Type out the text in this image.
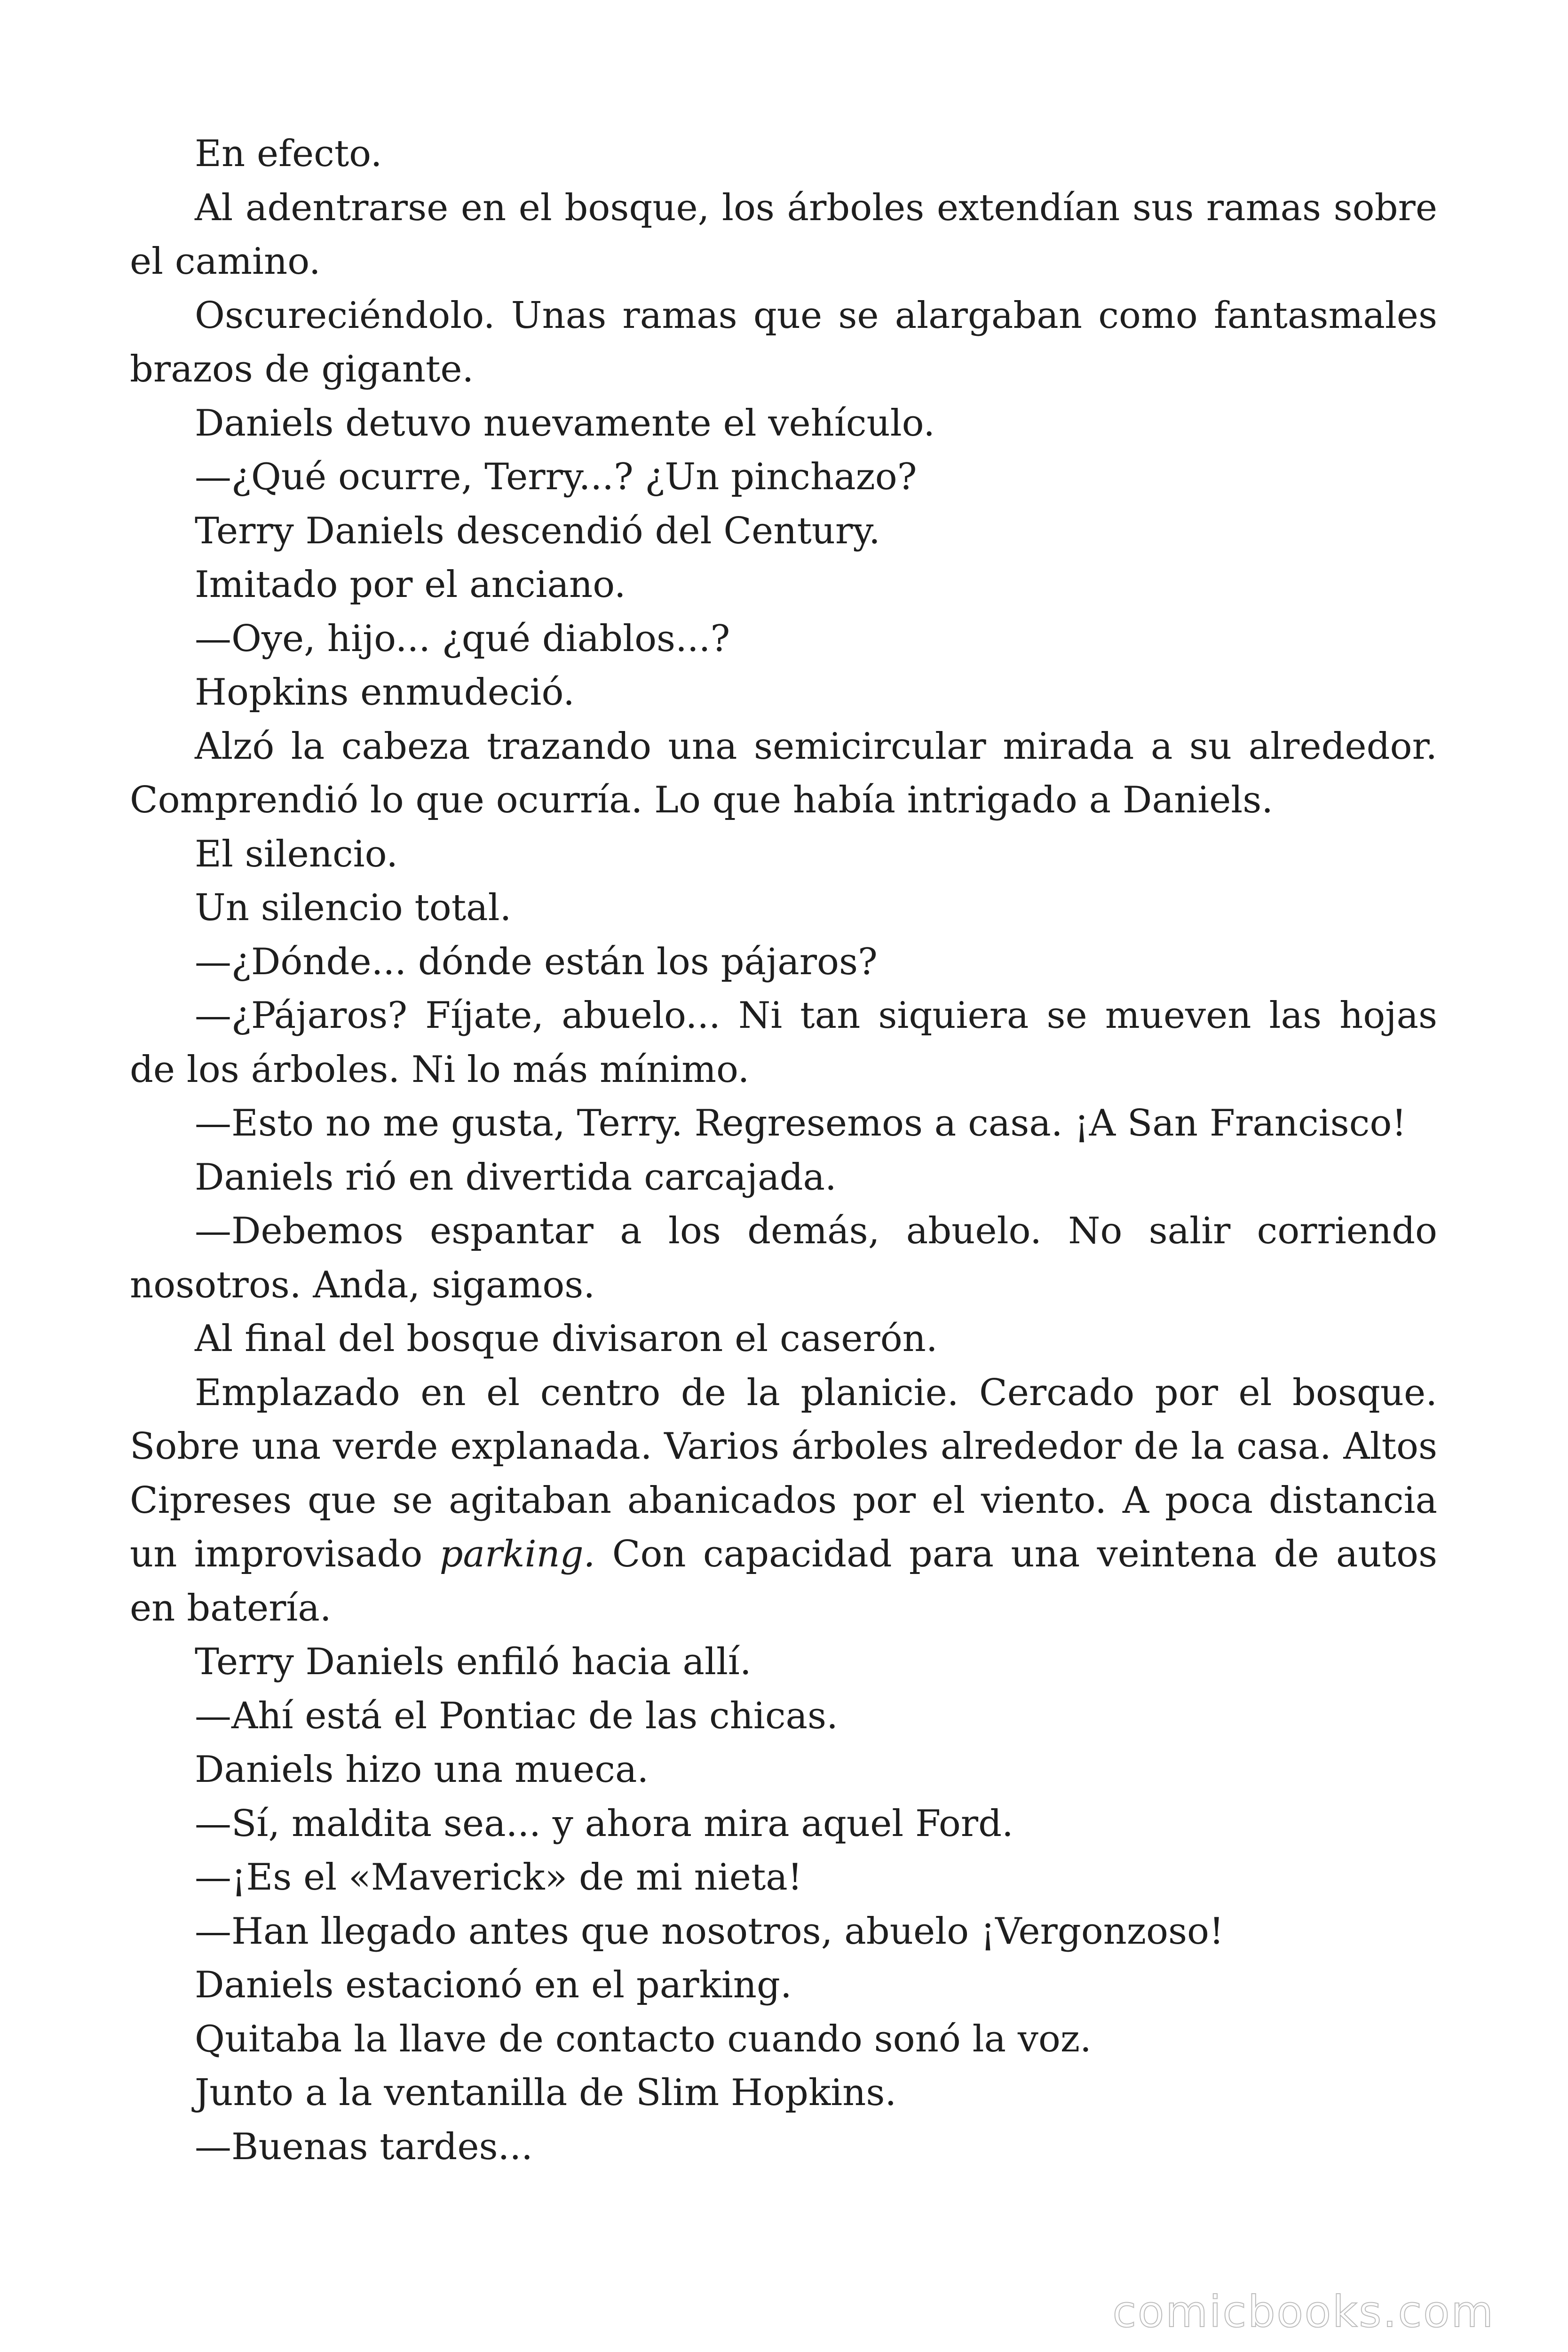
En efecto.

Al adentrarse en el bosque, los árboles extendían sus ramas sobre el camino.

Oscureciéndolo. Unas ramas que se alargaban como fantasmales brazos de gigante.

Daniels detuvo nuevamente el vehículo.

—¿Qué ocurre, Terry...? ¿Un pinchazo?

Terry Daniels descendió del Century.

Imitado por el anciano.

—Oye, hijo... ¿qué diablos...?

Hopkins enmudeció.

Alzó la cabeza trazando una semicircular mirada a su alrededor. Comprendió lo que ocurría. Lo que había intrigado a Daniels.

El silencio.

Un silencio total.

—¿Dónde... dónde están los pájaros?

—¿Pájaros? Fíjate, abuelo... Ni tan siquiera se mueven las hojas de los árboles. Ni lo más mínimo.

—Esto no me gusta, Terry. Regresemos a casa. ¡A San Francisco!

Daniels rió en divertida carcajada.

—Debemos espantar a los demás, abuelo. No salir corriendo nosotros. Anda, sigamos.

Al final del bosque divisaron el caserón.

Emplazado en el centro de la planicie. Cercado por el bosque. Sobre una verde explanada. Varios árboles alrededor de la casa. Altos Cipreses que se agitaban abanicados por el viento. A poca distancia un improvisado parking. Con capacidad para una veintena de autos en batería.

Terry Daniels enfiló hacia allí.

—Ahí está el Pontiac de las chicas.

Daniels hizo una mueca.

—Sí, maldita sea... y ahora mira aquel Ford.

—¡Es el «Maverick» de mi nieta!

—Han llegado antes que nosotros, abuelo ¡Vergonzoso!

Daniels estacionó en el parking.

Quitaba la llave de contacto cuando sonó la voz.

Junto a la ventanilla de Slim Hopkins.

—Buenas tardes...

comicbooks.com
